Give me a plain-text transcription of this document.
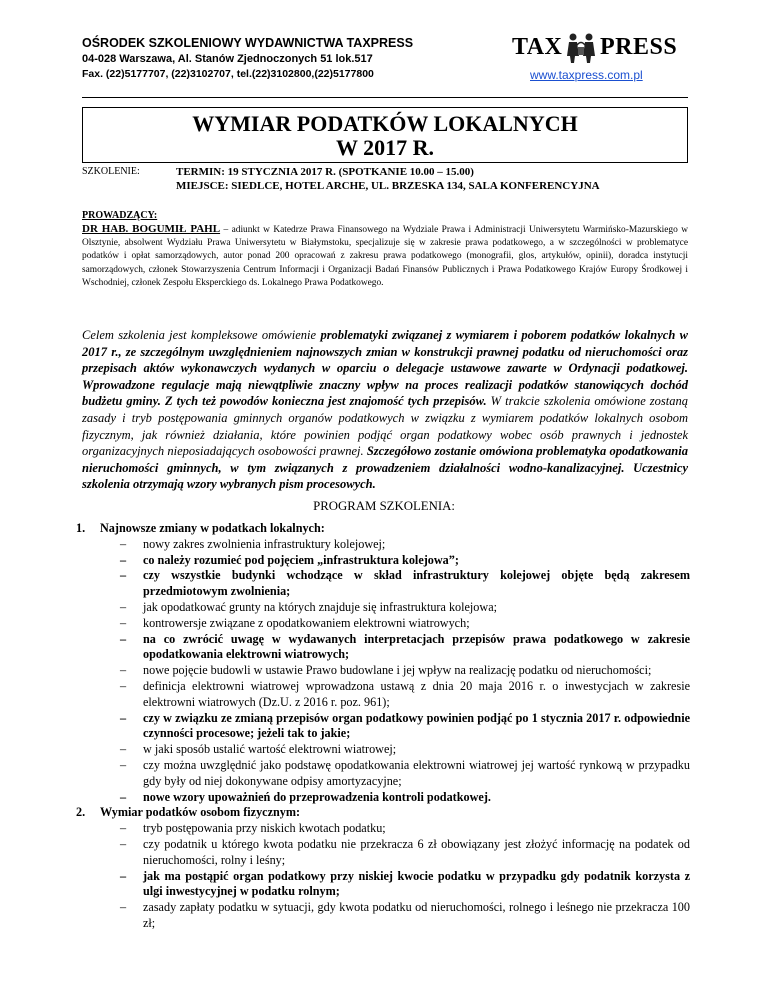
OŚRODEK SZKOLENIOWY WYDAWNICTWA TAXPRESS
04-028 Warszawa, Al. Stanów Zjednoczonych 51 lok.517
Fax. (22)5177707, (22)3102707, tel.(22)3102800,(22)5177800
TAX PRESS
www.taxpress.com.pl
WYMIAR PODATKÓW LOKALNYCH
W 2017 R.
SZKOLENIE:	TERMIN: 19 STYCZNIA 2017 R. (SPOTKANIE 10.00 – 15.00)
MIEJSCE: SIEDLCE, HOTEL ARCHE, UL. BRZESKA 134, SALA KONFERENCYJNA
PROWADZĄCY:
DR HAB. BOGUMIŁ PAHL – adiunkt w Katedrze Prawa Finansowego na Wydziale Prawa i Administracji Uniwersytetu Warmińsko-Mazurskiego w Olsztynie, absolwent Wydziału Prawa Uniwersytetu w Białymstoku, specjalizuje się w zakresie prawa podatkowego, a w szczególności w problematyce podatków i opłat samorządowych, autor ponad 200 opracowań z zakresu prawa podatkowego (monografii, glos, artykułów, opinii), doradca instytucji samorządowych, członek Stowarzyszenia Centrum Informacji i Organizacji Badań Finansów Publicznych i Prawa Podatkowego Krajów Europy Środkowej i Wschodniej, członek Zespołu Eksperckiego ds. Lokalnego Prawa Podatkowego.
Celem szkolenia jest kompleksowe omówienie problematyki związanej z wymiarem i poborem podatków lokalnych w 2017 r., ze szczególnym uwzględnieniem najnowszych zmian w konstrukcji prawnej podatku od nieruchomości oraz przepisach aktów wykonawczych wydanych w oparciu o delegacje ustawowe zawarte w Ordynacji podatkowej. Wprowadzone regulacje mają niewątpliwie znaczny wpływ na proces realizacji podatków stanowiących dochód budżetu gminy. Z tych też powodów konieczna jest znajomość tych przepisów. W trakcie szkolenia omówione zostaną zasady i tryb postępowania gminnych organów podatkowych w związku z wymiarem podatków lokalnych osobom fizycznym, jak również działania, które powinien podjąć organ podatkowy wobec osób prawnych i jednostek organizacyjnych nieposiadających osobowości prawnej. Szczegółowo zostanie omówiona problematyka opodatkowania nieruchomości gminnych, w tym związanych z prowadzeniem działalności wodno-kanalizacyjnej. Uczestnicy szkolenia otrzymają wzory wybranych pism procesowych.
PROGRAM SZKOLENIA:
1. Najnowsze zmiany w podatkach lokalnych:
– nowy zakres zwolnienia infrastruktury kolejowej;
– co należy rozumieć pod pojęciem „infrastruktura kolejowa”;
– czy wszystkie budynki wchodzące w skład infrastruktury kolejowej objęte będą zakresem przedmiotowym zwolnienia;
– jak opodatkować grunty na których znajduje się infrastruktura kolejowa;
– kontrowersje związane z opodatkowaniem elektrowni wiatrowych;
– na co zwrócić uwagę w wydawanych interpretacjach przepisów prawa podatkowego w zakresie opodatkowania elektrowni wiatrowych;
– nowe pojęcie budowli w ustawie Prawo budowlane i jej wpływ na realizację podatku od nieruchomości;
– definicja elektrowni wiatrowej wprowadzona ustawą z dnia 20 maja 2016 r. o inwestycjach w zakresie elektrowni wiatrowych (Dz.U. z 2016 r. poz. 961);
– czy w związku ze zmianą przepisów organ podatkowy powinien podjąć po 1 stycznia 2017 r. odpowiednie czynności procesowe; jeżeli tak to jakie;
– w jaki sposób ustalić wartość elektrowni wiatrowej;
– czy można uwzględnić jako podstawę opodatkowania elektrowni wiatrowej jej wartość rynkową w przypadku gdy były od niej dokonywane odpisy amortyzacyjne;
– nowe wzory upoważnień do przeprowadzenia kontroli podatkowej.
2. Wymiar podatków osobom fizycznym:
– tryb postępowania przy niskich kwotach podatku;
– czy podatnik u którego kwota podatku nie przekracza 6 zł obowiązany jest złożyć informację na podatek od nieruchomości, rolny i leśny;
– jak ma postąpić organ podatkowy przy niskiej kwocie podatku w przypadku gdy podatnik korzysta z ulgi inwestycyjnej w podatku rolnym;
– zasady zapłaty podatku w sytuacji, gdy kwota podatku od nieruchomości, rolnego i leśnego nie przekracza 100 zł;
